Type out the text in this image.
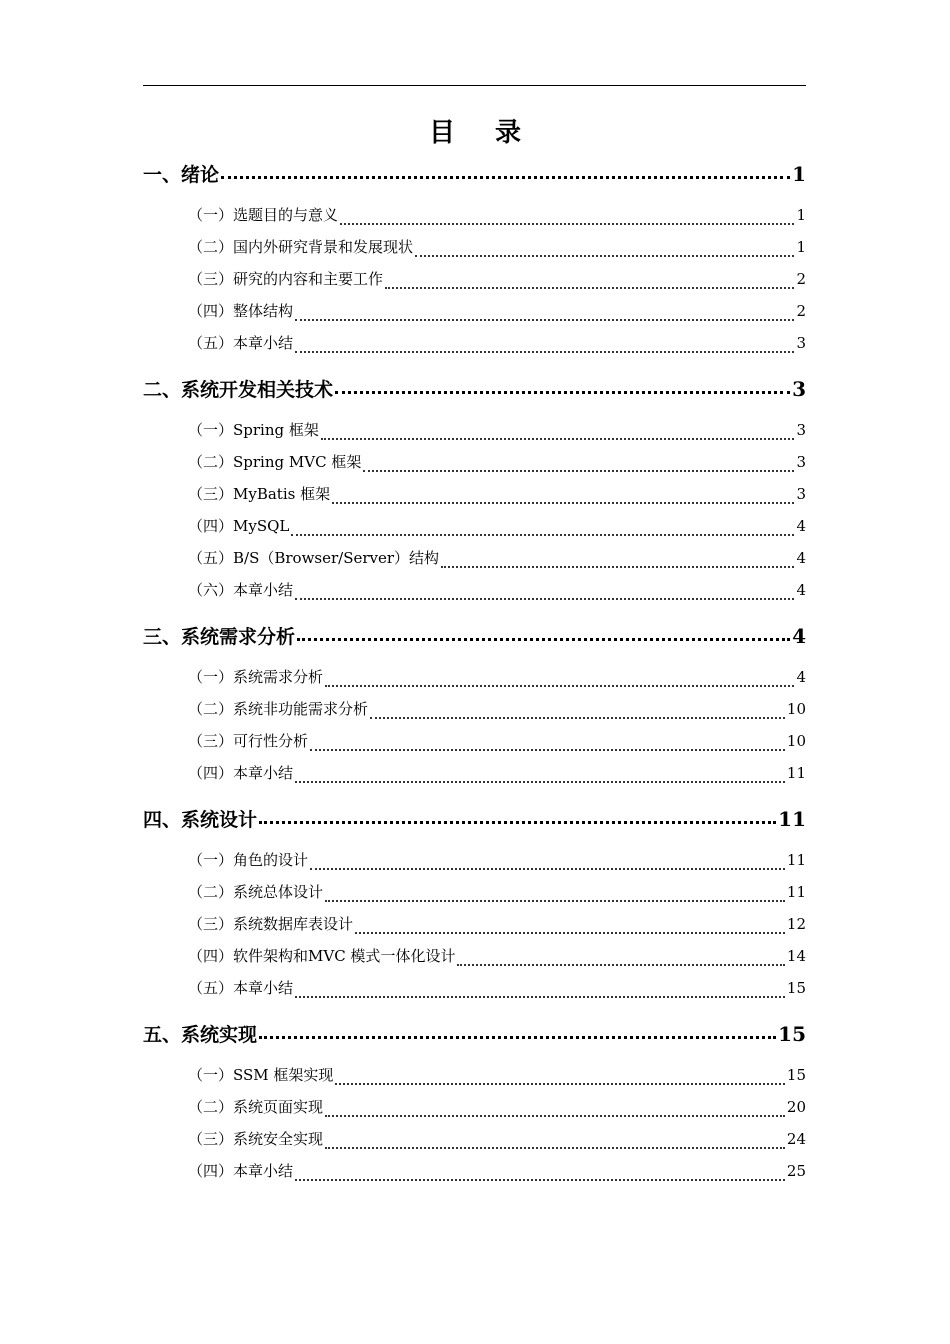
目 录
一、绪论	1
（一）选题目的与意义	1
（二）国内外研究背景和发展现状	1
（三）研究的内容和主要工作	2
（四）整体结构	2
（五）本章小结	3
二、系统开发相关技术	3
（一）Spring 框架	3
（二）Spring MVC 框架	3
（三）MyBatis 框架	3
（四）MySQL	4
（五）B/S（Browser/Server）结构	4
（六）本章小结	4
三、系统需求分析	4
（一）系统需求分析	4
（二）系统非功能需求分析	10
（三）可行性分析	10
（四）本章小结	11
四、系统设计	11
（一）角色的设计	11
（二）系统总体设计	11
（三）系统数据库表设计	12
（四）软件架构和MVC 模式一体化设计	14
（五）本章小结	15
五、系统实现	15
（一）SSM 框架实现	15
（二）系统页面实现	20
（三）系统安全实现	24
（四）本章小结	25
